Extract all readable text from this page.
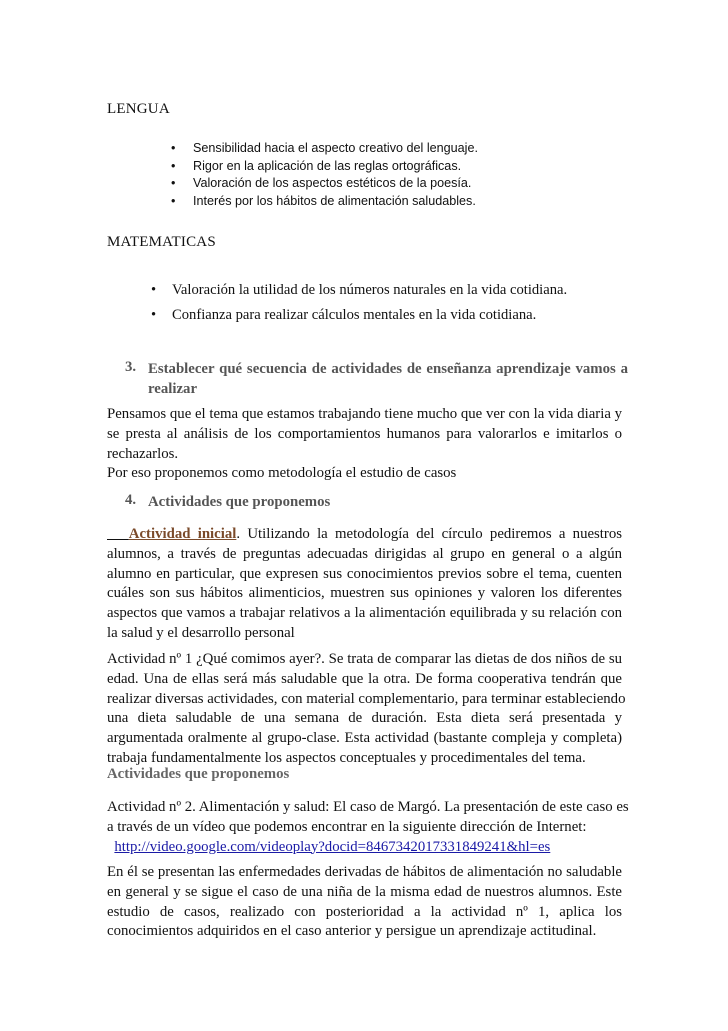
LENGUA
•	Sensibilidad hacia el aspecto creativo del lenguaje.
•	Rigor en la aplicación de las reglas ortográficas.
•	Valoración de los aspectos estéticos de la poesía.
•	Interés por los hábitos de alimentación saludables.
MATEMATICAS
• Valoración la utilidad de los números naturales en la vida cotidiana.
• Confianza para realizar cálculos mentales en la vida cotidiana.
3. Establecer qué secuencia de actividades de enseñanza aprendizaje vamos a
realizar
Pensamos que el tema que estamos trabajando tiene mucho que ver con la vida diaria y
se presta al análisis de los comportamientos humanos para valorarlos e imitarlos o
rechazarlos.
Por eso proponemos como metodología el estudio de casos
4. Actividades que proponemos
Actividad inicial. Utilizando la metodología del círculo pediremos a nuestros
alumnos, a través de preguntas adecuadas dirigidas al grupo en general o a algún
alumno en particular, que expresen sus conocimientos previos sobre el tema, cuenten
cuáles son sus hábitos alimenticios, muestren sus opiniones y valoren los diferentes
aspectos que vamos a trabajar relativos a la alimentación equilibrada y su relación con
la salud y el desarrollo personal
Actividad nº 1 ¿Qué comimos ayer?. Se trata de comparar las dietas de dos niños de su
edad. Una de ellas será más saludable que la otra. De forma cooperativa tendrán que
realizar diversas actividades, con material complementario, para terminar estableciendo
una dieta saludable de una semana de duración. Esta dieta será presentada y
argumentada oralmente al grupo-clase. Esta actividad (bastante compleja y completa)
trabaja fundamentalmente los aspectos conceptuales y procedimentales del tema.
Actividades que proponemos
Actividad nº 2. Alimentación y salud: El caso de Margó. La presentación de este caso es
a través de un vídeo que podemos encontrar en la siguiente dirección de Internet:
http://video.google.com/videoplay?docid=8467342017331849241&hl=es
En él se presentan las enfermedades derivadas de hábitos de alimentación no saludable
en general y se sigue el caso de una niña de la misma edad de nuestros alumnos. Este
estudio de casos, realizado con posterioridad a la actividad nº 1, aplica los
conocimientos adquiridos en el caso anterior y persigue un aprendizaje actitudinal.
